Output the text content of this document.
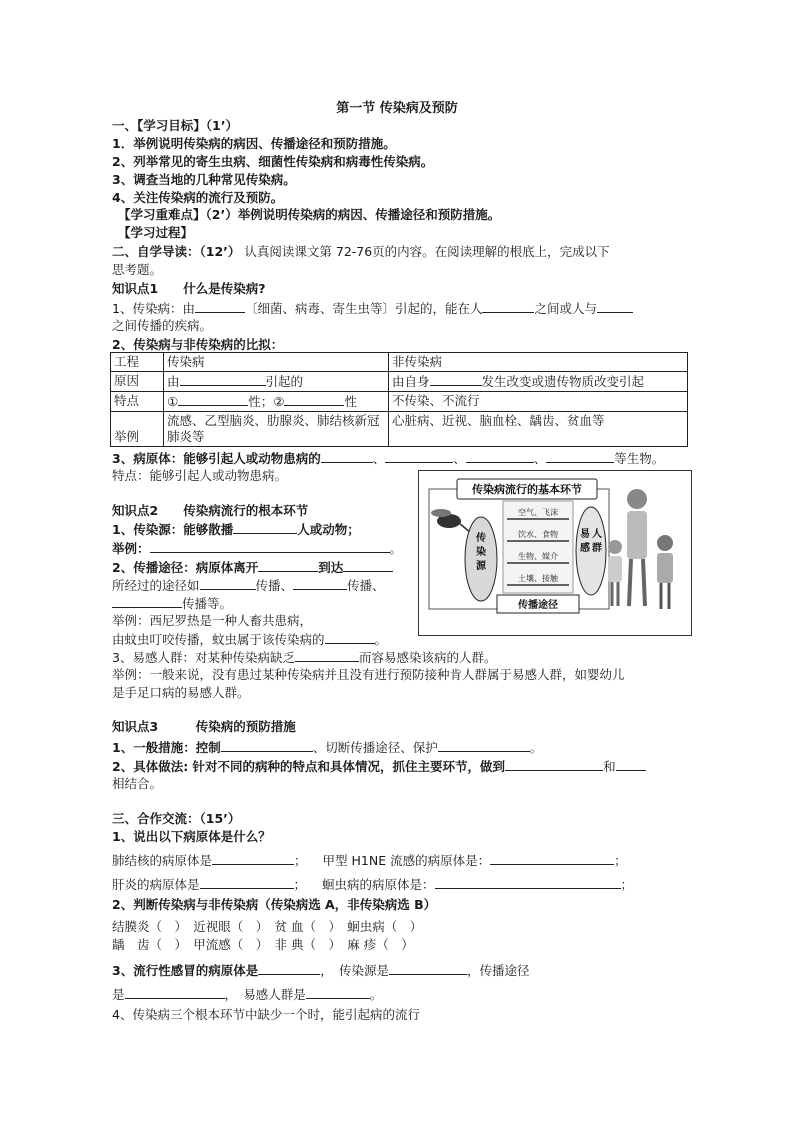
第一节 传染病及预防
一、【学习目标】（1’）
1．举例说明传染病的病因、传播途径和预防措施。
2、列举常见的寄生虫病、细菌性传染病和病毒性传染病。
3、调查当地的几种常见传染病。
4、关注传染病的流行及预防。
【学习重难点】（2’）举例说明传染病的病因、传播途径和预防措施。
【学习过程】
二、自学导读：（12’） 认真阅读课文第 72-76页的内容。在阅读理解的根底上，完成以下
思考题。
知识点1　　什么是传染病?
1、传染病：由	〔细菌、病毒、寄生虫等〕引起的，能在人	之间或人与
之间传播的疾病。
2、传染病与非传染病的比拟：
工程	传染病	非传染病
原因	由 引起的	由自身 发生改变或遗传物质改变引起
特点	① 性；② 性	不传染、不流行
举例	流感、乙型脑炎、肋腺炎、肺结核新冠肺炎等	心脏病、近视、脑血栓、龋齿、贫血等
3、病原体：能够引起人或动物患病的	、	、	、	等生物。
特点：能够引起人或动物患病。
知识点2　　传染病流行的根本环节
1、传染源：能够散播	人或动物；
举例：	。
2、传播途径：病原体离开	到达
所经过的途径如	传播、	传播、
传播等。
举例：西尼罗热是一种人畜共患病，
由蚊虫叮咬传播，蚊虫属于该传染病的	。
3、易感人群：对某种传染病缺乏	而容易感染该病的人群。
举例：一般来说，没有患过某种传染病并且没有进行预防接种肯人群属于易感人群，如婴幼儿
是手足口病的易感人群。
传染病流行的基本环节
传
染
源
空气、飞沫
饮水、食物
生物、媒介
土壤、接触
易
感
人
群
传播途径
知识点3　　　传染病的预防措施
1、一般措施：控制	、切断传播途径、保护	。
2、具体做法: 针对不同的病种的特点和具体情况，抓住主要环节，做到	和
相结合。
三、合作交流：（15’）
1、说出以下病原体是什么？
肺结核的病原体是	； 甲型 H1NE 流感的病原体是：	；
肝炎的病原体是	； 蛔虫病的病原体是：	；
2、判断传染病与非传染病（传染病选 A，非传染病选 B）
结膜炎（　）　近视眼（　）　贫 血（　）　蛔虫病（　）
龋　齿（　）　甲流感（　）　非 典（　）　麻 疹（　）
3、流行性感冒的病原体是	，　传染源是	，传播途径
是	，　易感人群是	。
4、传染病三个根本环节中缺少一个时，能引起病的流行
